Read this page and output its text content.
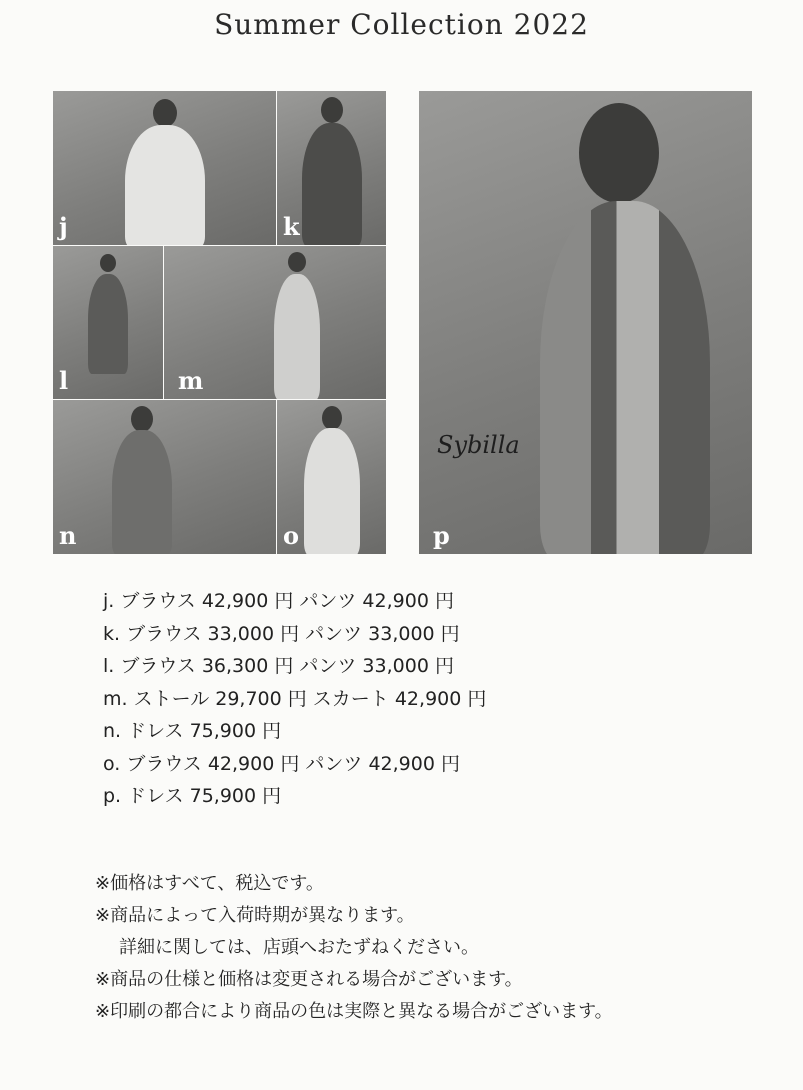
Summer Collection 2022
j	k
l	m
n	o
Sybilla
p
j. ブラウス 42,900 円 パンツ 42,900 円
k. ブラウス 33,000 円 パンツ 33,000 円
l. ブラウス 36,300 円 パンツ 33,000 円
m. ストール 29,700 円 スカート 42,900 円
n. ドレス 75,900 円
o. ブラウス 42,900 円 パンツ 42,900 円
p. ドレス 75,900 円
※価格はすべて、税込です。
※商品によって入荷時期が異なります。
詳細に関しては、店頭へおたずねください。
※商品の仕様と価格は変更される場合がございます。
※印刷の都合により商品の色は実際と異なる場合がございます。
